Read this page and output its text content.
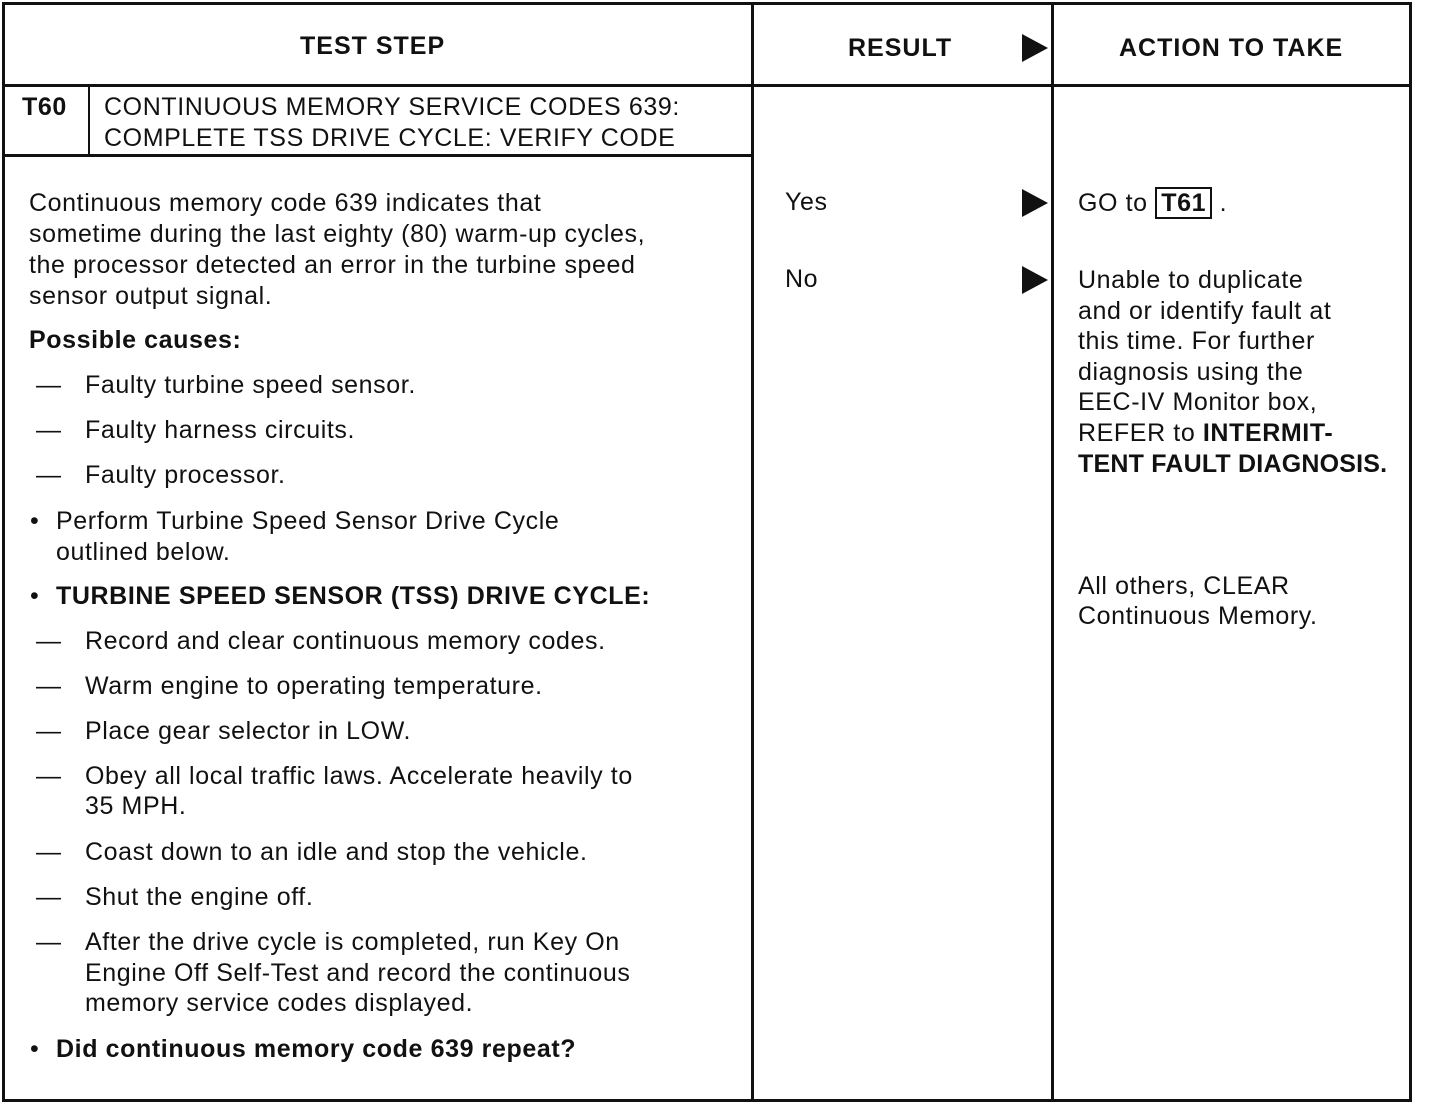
TEST STEP	RESULT	ACTION TO TAKE
T60 CONTINUOUS MEMORY SERVICE CODES 639:
COMPLETE TSS DRIVE CYCLE: VERIFY CODE
Continuous memory code 639 indicates that
sometime during the last eighty (80) warm-up cycles,
the processor detected an error in the turbine speed
sensor output signal.
Possible causes:
— Faulty turbine speed sensor.
— Faulty harness circuits.
— Faulty processor.
• Perform Turbine Speed Sensor Drive Cycle
outlined below.
• TURBINE SPEED SENSOR (TSS) DRIVE CYCLE:
— Record and clear continuous memory codes.
— Warm engine to operating temperature.
— Place gear selector in LOW.
— Obey all local traffic laws. Accelerate heavily to
35 MPH.
— Coast down to an idle and stop the vehicle.
— Shut the engine off.
— After the drive cycle is completed, run Key On
Engine Off Self-Test and record the continuous
memory service codes displayed.
• Did continuous memory code 639 repeat?
Yes
No
GO to T61 .
Unable to duplicate
and or identify fault at
this time. For further
diagnosis using the
EEC-IV Monitor box,
REFER to INTERMIT-
TENT FAULT DIAGNOSIS.
All others, CLEAR
Continuous Memory.
